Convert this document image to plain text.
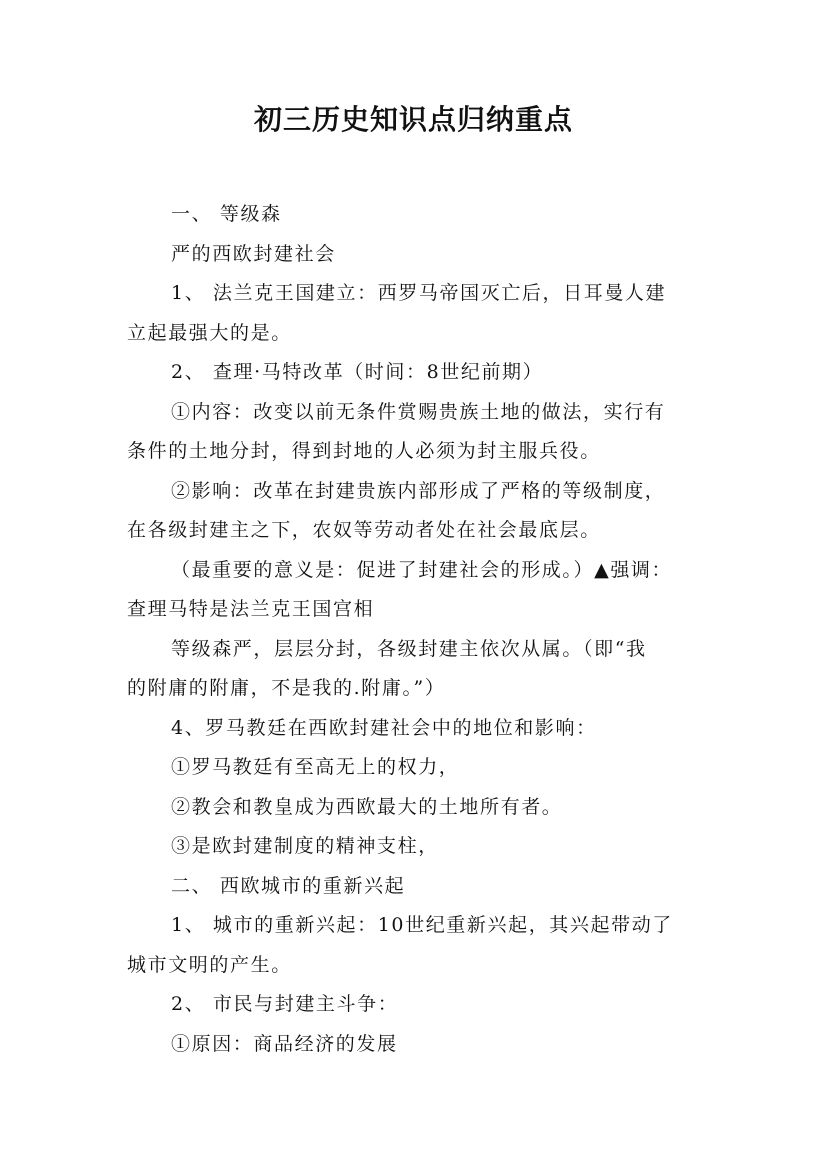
初三历史知识点归纳重点

一、 等级森

严的西欧封建社会

1、 法兰克王国建立：西罗马帝国灭亡后，日耳曼人建

立起最强大的是。

2、 查理·马特改革（时间：8世纪前期）

①内容：改变以前无条件赏赐贵族土地的做法，实行有

条件的土地分封，得到封地的人必须为封主服兵役。

②影响：改革在封建贵族内部形成了严格的等级制度，

在各级封建主之下，农奴等劳动者处在社会最底层。

（最重要的意义是：促进了封建社会的形成。）▲强调：

查理马特是法兰克王国宫相

等级森严，层层分封，各级封建主依次从属。（即“我

的附庸的附庸，不是我的.附庸。”）

4、罗马教廷在西欧封建社会中的地位和影响：

①罗马教廷有至高无上的权力，

②教会和教皇成为西欧最大的土地所有者。

③是欧封建制度的精神支柱，

二、 西欧城市的重新兴起

1、 城市的重新兴起：10世纪重新兴起，其兴起带动了

城市文明的产生。

2、 市民与封建主斗争：

①原因：商品经济的发展
